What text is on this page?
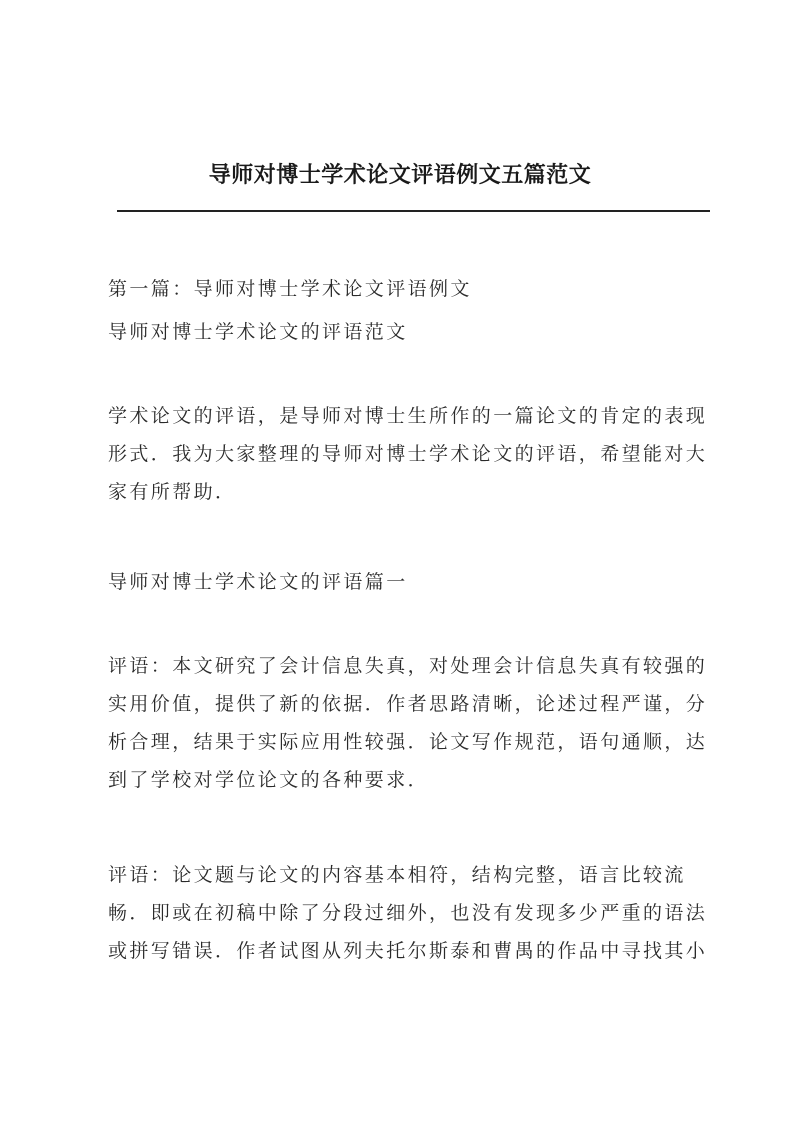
导师对博士学术论文评语例文五篇范文

第一篇：导师对博士学术论文评语例文

导师对博士学术论文的评语范文

学术论文的评语，是导师对博士生所作的一篇论文的肯定的表现
形式．我为大家整理的导师对博士学术论文的评语，希望能对大
家有所帮助．

导师对博士学术论文的评语篇一

评语：本文研究了会计信息失真，对处理会计信息失真有较强的
实用价值，提供了新的依据．作者思路清晰，论述过程严谨，分
析合理，结果于实际应用性较强．论文写作规范，语句通顺，达
到了学校对学位论文的各种要求．

评语：论文题与论文的内容基本相符，结构完整，语言比较流
畅．即或在初稿中除了分段过细外，也没有发现多少严重的语法
或拼写错误．作者试图从列夫托尔斯泰和曹禺的作品中寻找其小
